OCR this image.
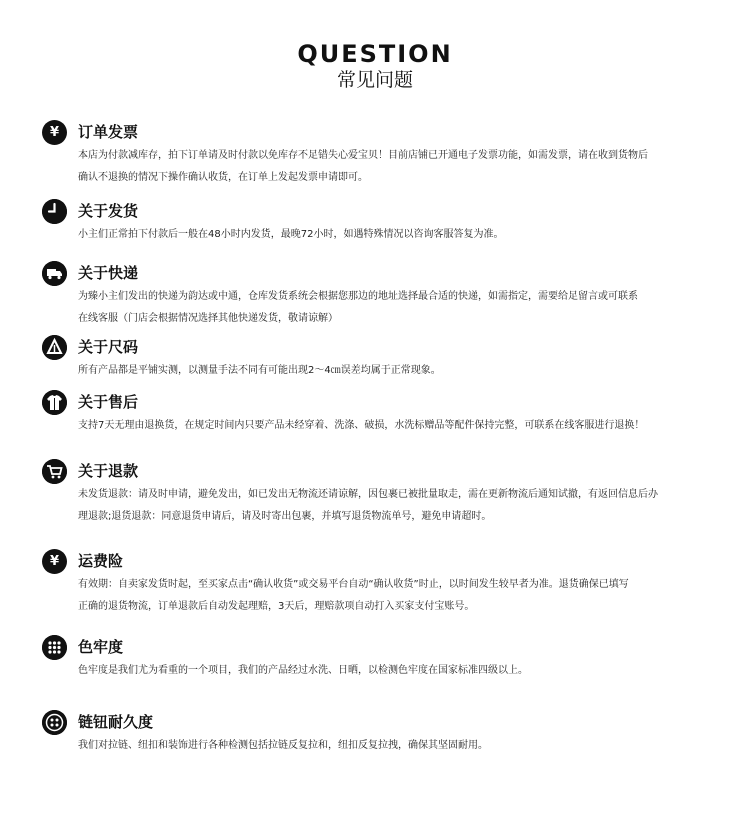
QUESTION
常见问题
¥	订单发票
本店为付款减库存，拍下订单请及时付款以免库存不足错失心爱宝贝！目前店铺已开通电子发票功能，如需发票，请在收到货物后
确认不退换的情况下操作确认收货，在订单上发起发票申请即可。
关于发货
小主们正常拍下付款后一般在48小时内发货，最晚72小时，如遇特殊情况以咨询客服答复为准。
关于快递
为臻小主们发出的快递为韵达或中通，仓库发货系统会根据您那边的地址选择最合适的快递，如需指定，需要给足留言或可联系
在线客服（门店会根据情况选择其他快递发货，敬请谅解）
关于尺码
所有产品都是平铺实测，以测量手法不同有可能出现2〜4㎝误差均属于正常现象。
关于售后
支持7天无理由退换货，在规定时间内只要产品未经穿着、洗涤、破损，水洗标赠品等配件保持完整，可联系在线客服进行退换！
关于退款
未发货退款：请及时申请，避免发出，如已发出无物流还请谅解，因包裹已被批量取走，需在更新物流后通知试撤，有返回信息后办
理退款;退货退款：同意退货申请后，请及时寄出包裹，并填写退货物流单号，避免申请超时。
¥	运费险
有效期：自卖家发货时起，至买家点击“确认收货”或交易平台自动“确认收货”时止，以时间发生较早者为准。退货确保已填写
正确的退货物流，订单退款后自动发起理赔，3天后，理赔款项自动打入买家支付宝账号。
色牢度
色牢度是我们尤为看重的一个项目，我们的产品经过水洗、日晒，以检测色牢度在国家标准四级以上。
链钮耐久度
我们对拉链、纽扣和装饰进行各种检测包括拉链反复拉和，纽扣反复拉拽，确保其坚固耐用。
